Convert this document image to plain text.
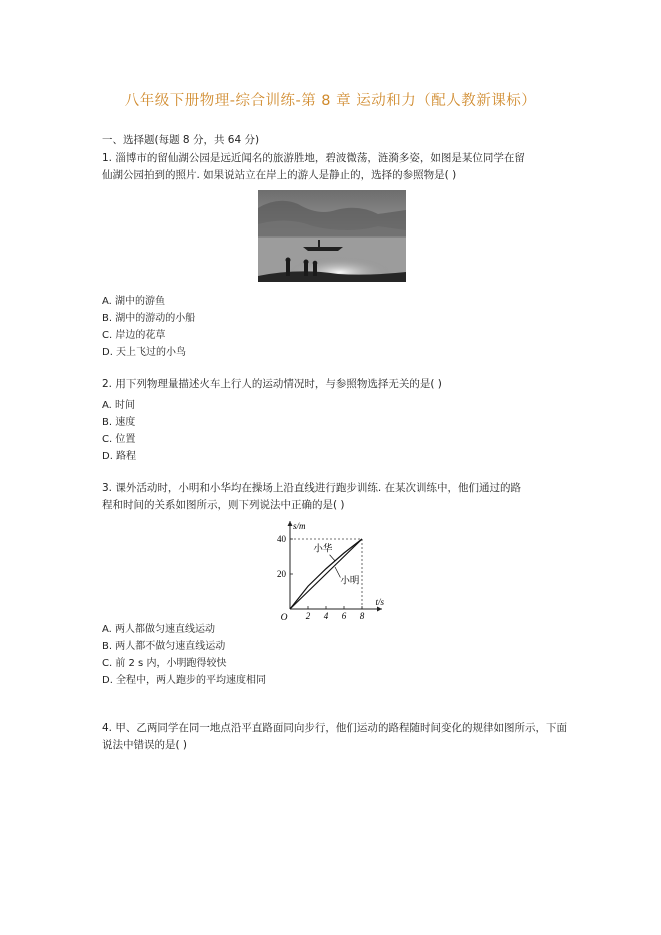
八年级下册物理-综合训练-第 8 章 运动和力（配人教新课标）
一、选择题(每题 8 分，共 64 分)
1. 淄博市的留仙湖公园是远近闻名的旅游胜地，碧波微荡，涟漪多姿，如图是某位同学在留
仙湖公园拍到的照片. 如果说站立在岸上的游人是静止的，选择的参照物是( )
A. 湖中的游鱼
B. 湖中的游动的小船
C. 岸边的花草
D. 天上飞过的小鸟
2. 用下列物理量描述火车上行人的运动情况时，与参照物选择无关的是( )
A. 时间
B. 速度
C. 位置
D. 路程
3. 课外活动时，小明和小华均在操场上沿直线进行跑步训练. 在某次训练中，他们通过的路
程和时间的关系如图所示，则下列说法中正确的是( )
2 4 6 8
20
40
O
t/s
s/m
小华
小明
A. 两人都做匀速直线运动
B. 两人都不做匀速直线运动
C. 前 2 s 内，小明跑得较快
D. 全程中，两人跑步的平均速度相同
4. 甲、乙两同学在同一地点沿平直路面同向步行，他们运动的路程随时间变化的规律如图所示，下面说法中错误的是( )
